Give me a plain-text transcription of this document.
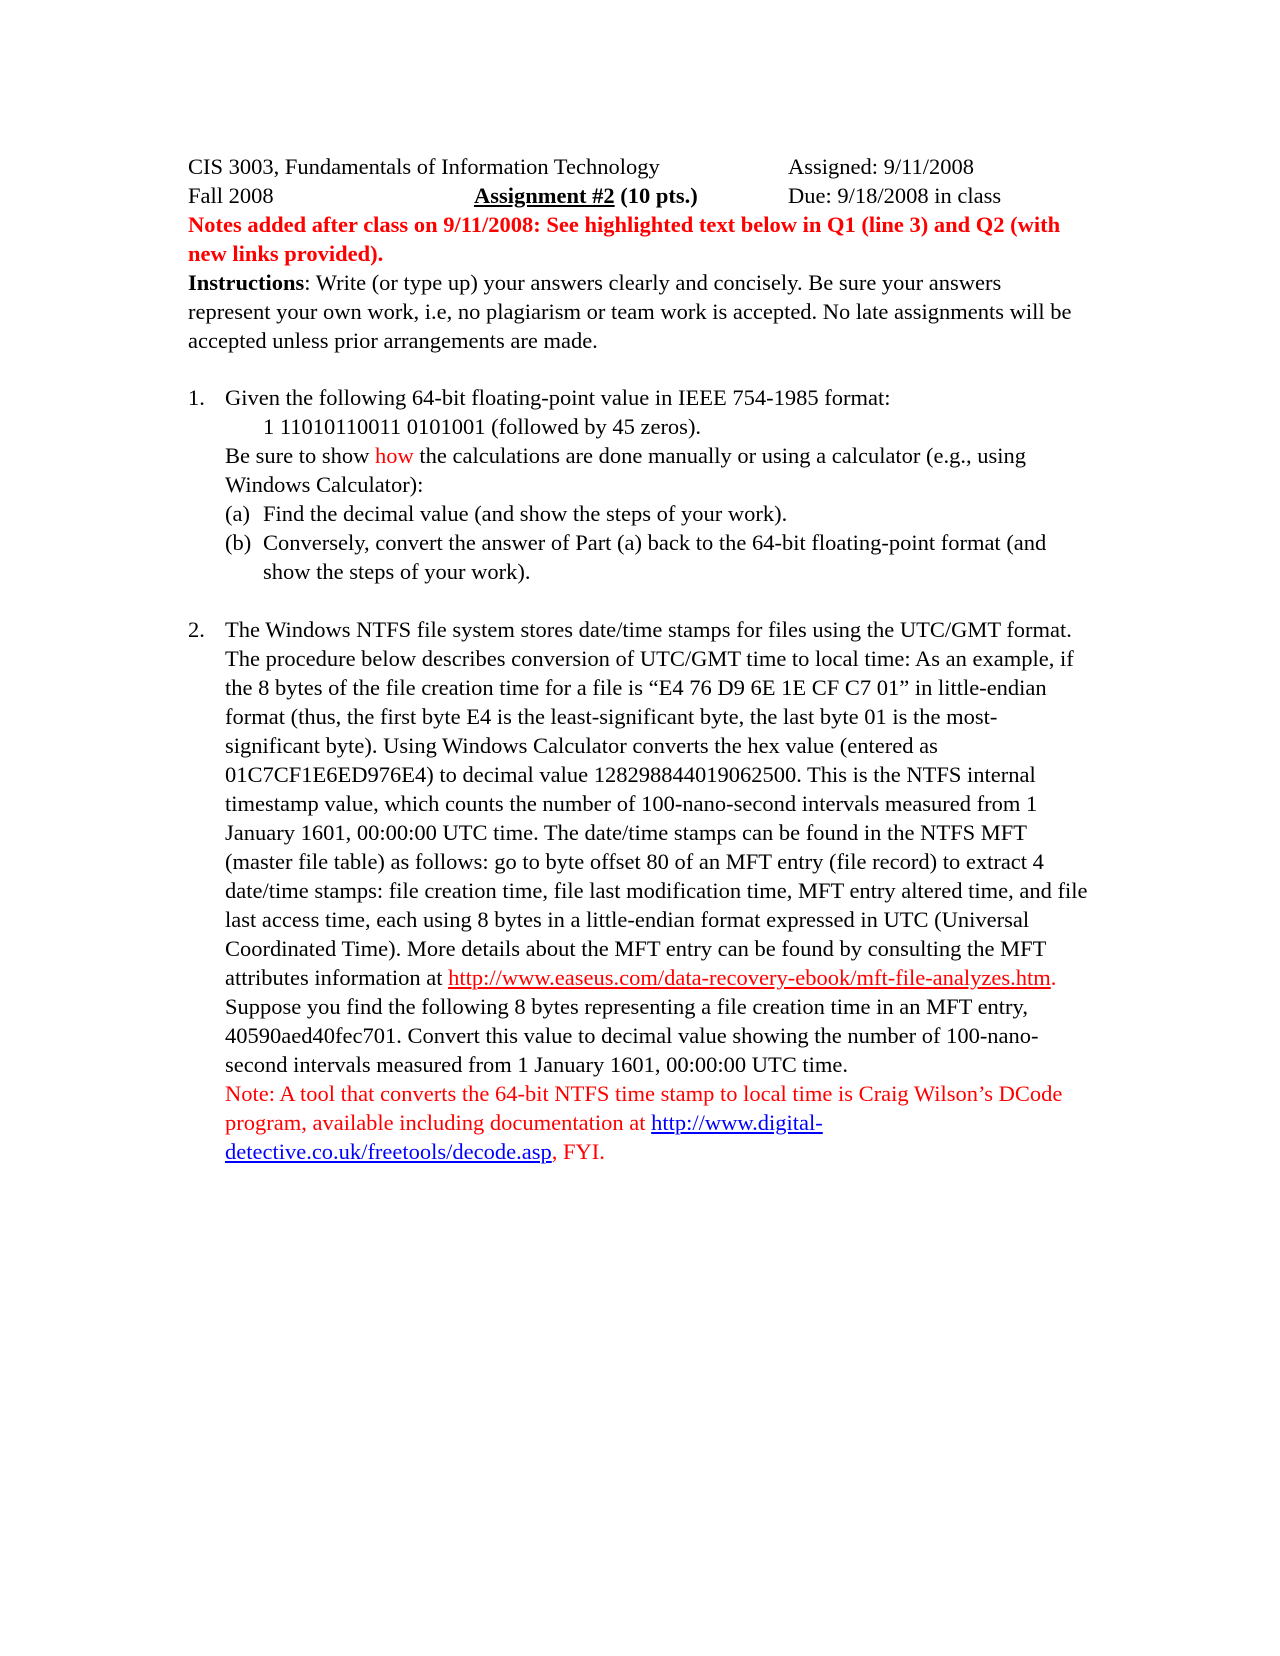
CIS 3003, Fundamentals of Information Technology	Assigned: 9/11/2008
Fall 2008	Assignment #2 (10 pts.)	Due: 9/18/2008 in class
Notes added after class on 9/11/2008: See highlighted text below in Q1 (line 3) and Q2 (with new links provided).

Instructions: Write (or type up) your answers clearly and concisely. Be sure your answers represent your own work, i.e, no plagiarism or team work is accepted. No late assignments will be accepted unless prior arrangements are made.

1. Given the following 64-bit floating-point value in IEEE 754-1985 format:

1 11010110011 0101001 (followed by 45 zeros).

Be sure to show how the calculations are done manually or using a calculator (e.g., using Windows Calculator):

(a) Find the decimal value (and show the steps of your work).
(b) Conversely, convert the answer of Part (a) back to the 64-bit floating-point format (and show the steps of your work).
2. The Windows NTFS file system stores date/time stamps for files using the UTC/GMT format. The procedure below describes conversion of UTC/GMT time to local time: As an example, if the 8 bytes of the file creation time for a file is “E4 76 D9 6E 1E CF C7 01” in little-endian format (thus, the first byte E4 is the least-significant byte, the last byte 01 is the most-significant byte). Using Windows Calculator converts the hex value (entered as 01C7CF1E6ED976E4) to decimal value 128298844019062500. This is the NTFS internal timestamp value, which counts the number of 100-nano-second intervals measured from 1 January 1601, 00:00:00 UTC time. The date/time stamps can be found in the NTFS MFT (master file table) as follows: go to byte offset 80 of an MFT entry (file record) to extract 4 date/time stamps: file creation time, file last modification time, MFT entry altered time, and file last access time, each using 8 bytes in a little-endian format expressed in UTC (Universal Coordinated Time). More details about the MFT entry can be found by consulting the MFT attributes information at http://www.easeus.com/data-recovery-ebook/mft-file-analyzes.htm. Suppose you find the following 8 bytes representing a file creation time in an MFT entry, 40590aed40fec701. Convert this value to decimal value showing the number of 100-nano-second intervals measured from 1 January 1601, 00:00:00 UTC time.

Note: A tool that converts the 64-bit NTFS time stamp to local time is Craig Wilson’s DCode program, available including documentation at http://www.digital-detective.co.uk/freetools/decode.asp, FYI.
